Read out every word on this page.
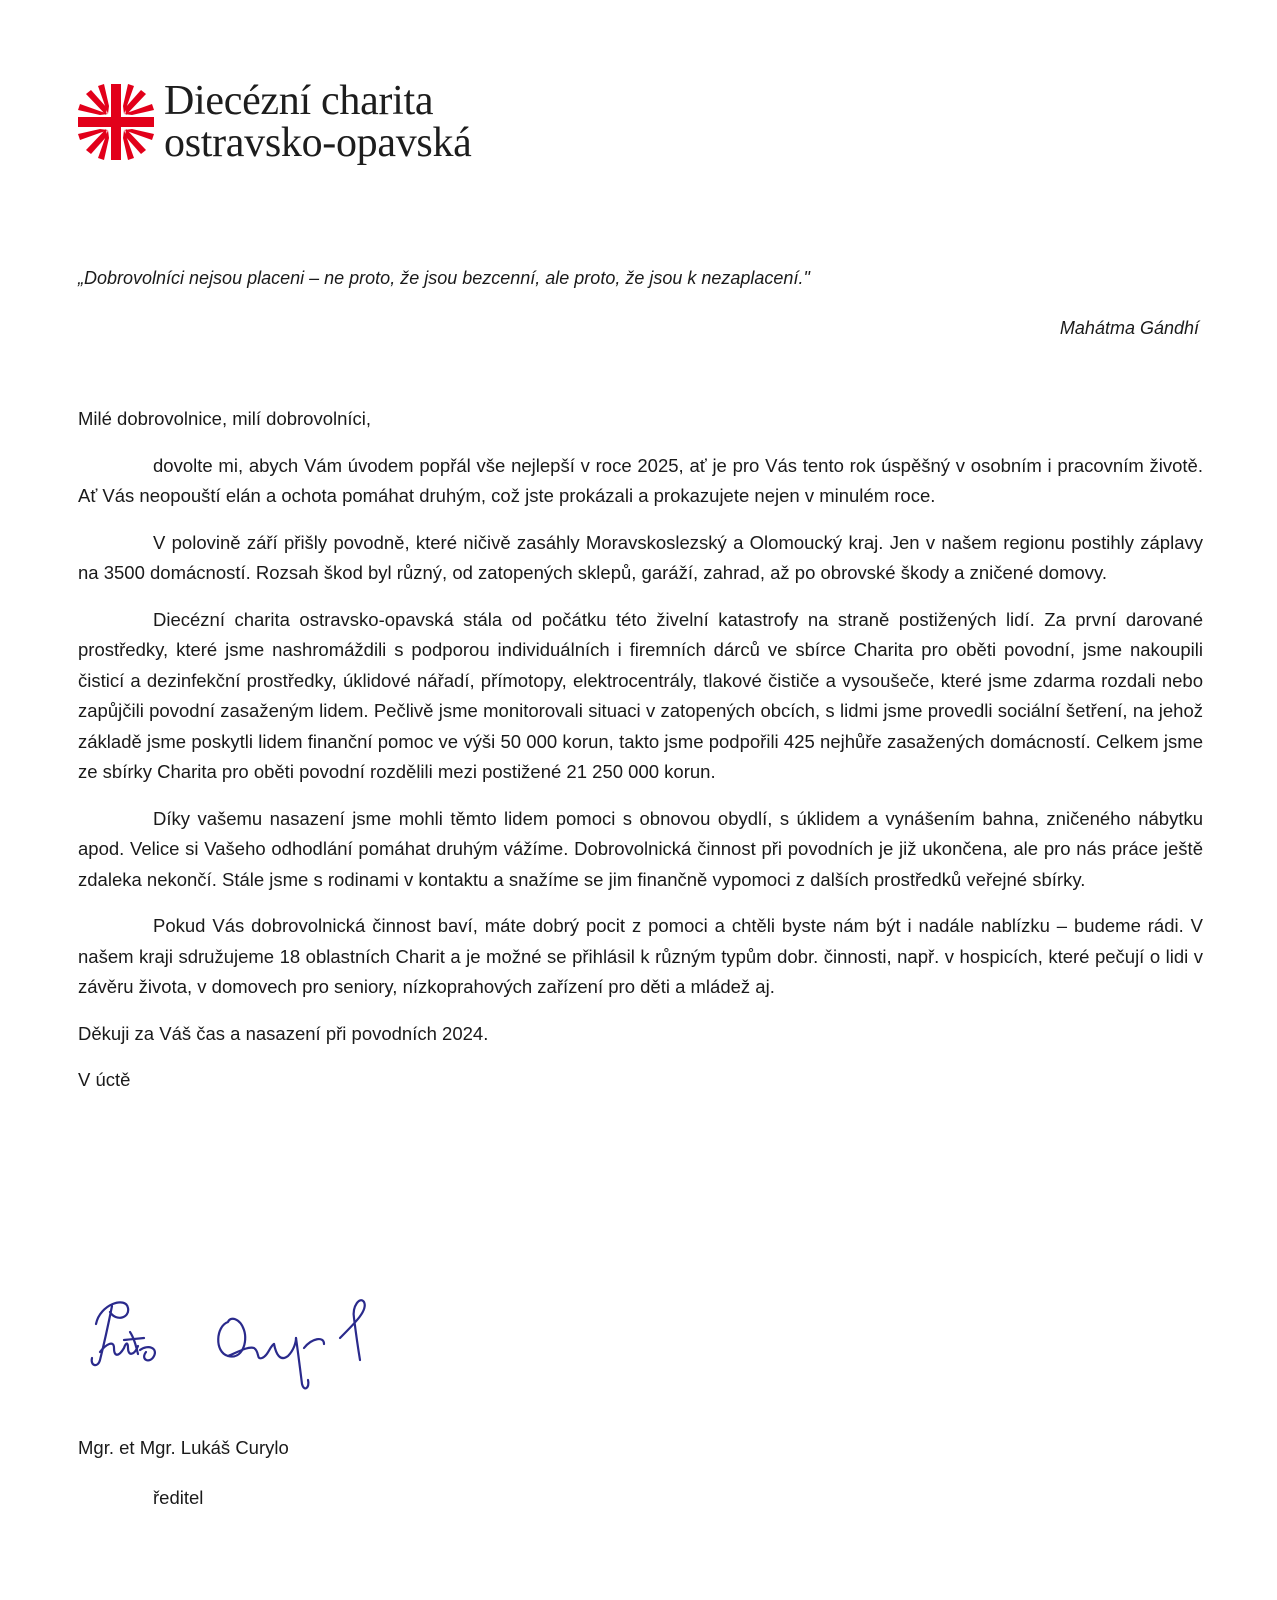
Diecézní charita
ostravsko-opavská
„Dobrovolníci nejsou placeni – ne proto, že jsou bezcenní, ale proto, že jsou k nezaplacení."
Mahátma Gándhí

Milé dobrovolnice, milí dobrovolníci,

dovolte mi, abych Vám úvodem popřál vše nejlepší v roce 2025, ať je pro Vás tento rok úspěšný v osobním i pracovním životě. Ať Vás neopouští elán a ochota pomáhat druhým, což jste prokázali a prokazujete nejen v minulém roce.

V polovině září přišly povodně, které ničivě zasáhly Moravskoslezský a Olomoucký kraj. Jen v našem regionu postihly záplavy na 3500 domácností. Rozsah škod byl různý, od zatopených sklepů, garáží, zahrad, až po obrovské škody a zničené domovy.

Diecézní charita ostravsko-opavská stála od počátku této živelní katastrofy na straně postižených lidí. Za první darované prostředky, které jsme nashromáždili s podporou individuálních i firemních dárců ve sbírce Charita pro oběti povodní, jsme nakoupili čisticí a dezinfekční prostředky, úklidové nářadí, přímotopy, elektrocentrály, tlakové čističe a vysoušeče, které jsme zdarma rozdali nebo zapůjčili povodní zasaženým lidem. Pečlivě jsme monitorovali situaci v zatopených obcích, s lidmi jsme provedli sociální šetření, na jehož základě jsme poskytli lidem finanční pomoc ve výši 50 000 korun, takto jsme podpořili 425 nejhůře zasažených domácností. Celkem jsme ze sbírky Charita pro oběti povodní rozdělili mezi postižené 21 250 000 korun.

Díky vašemu nasazení jsme mohli těmto lidem pomoci s obnovou obydlí, s úklidem a vynášením bahna, zničeného nábytku apod. Velice si Vašeho odhodlání pomáhat druhým vážíme. Dobrovolnická činnost při povodních je již ukončena, ale pro nás práce ještě zdaleka nekončí. Stále jsme s rodinami v kontaktu a snažíme se jim finančně vypomoci z dalších prostředků veřejné sbírky.

Pokud Vás dobrovolnická činnost baví, máte dobrý pocit z pomoci a chtěli byste nám být i nadále nablízku – budeme rádi. V našem kraji sdružujeme 18 oblastních Charit a je možné se přihlásil k různým typům dobr. činnosti, např. v hospicích, které pečují o lidi v závěru života, v domovech pro seniory, nízkoprahových zařízení pro děti a mládež aj.

Děkuji za Váš čas a nasazení při povodních 2024.

V úctě

Mgr. et Mgr. Lukáš Curylo
ředitel
